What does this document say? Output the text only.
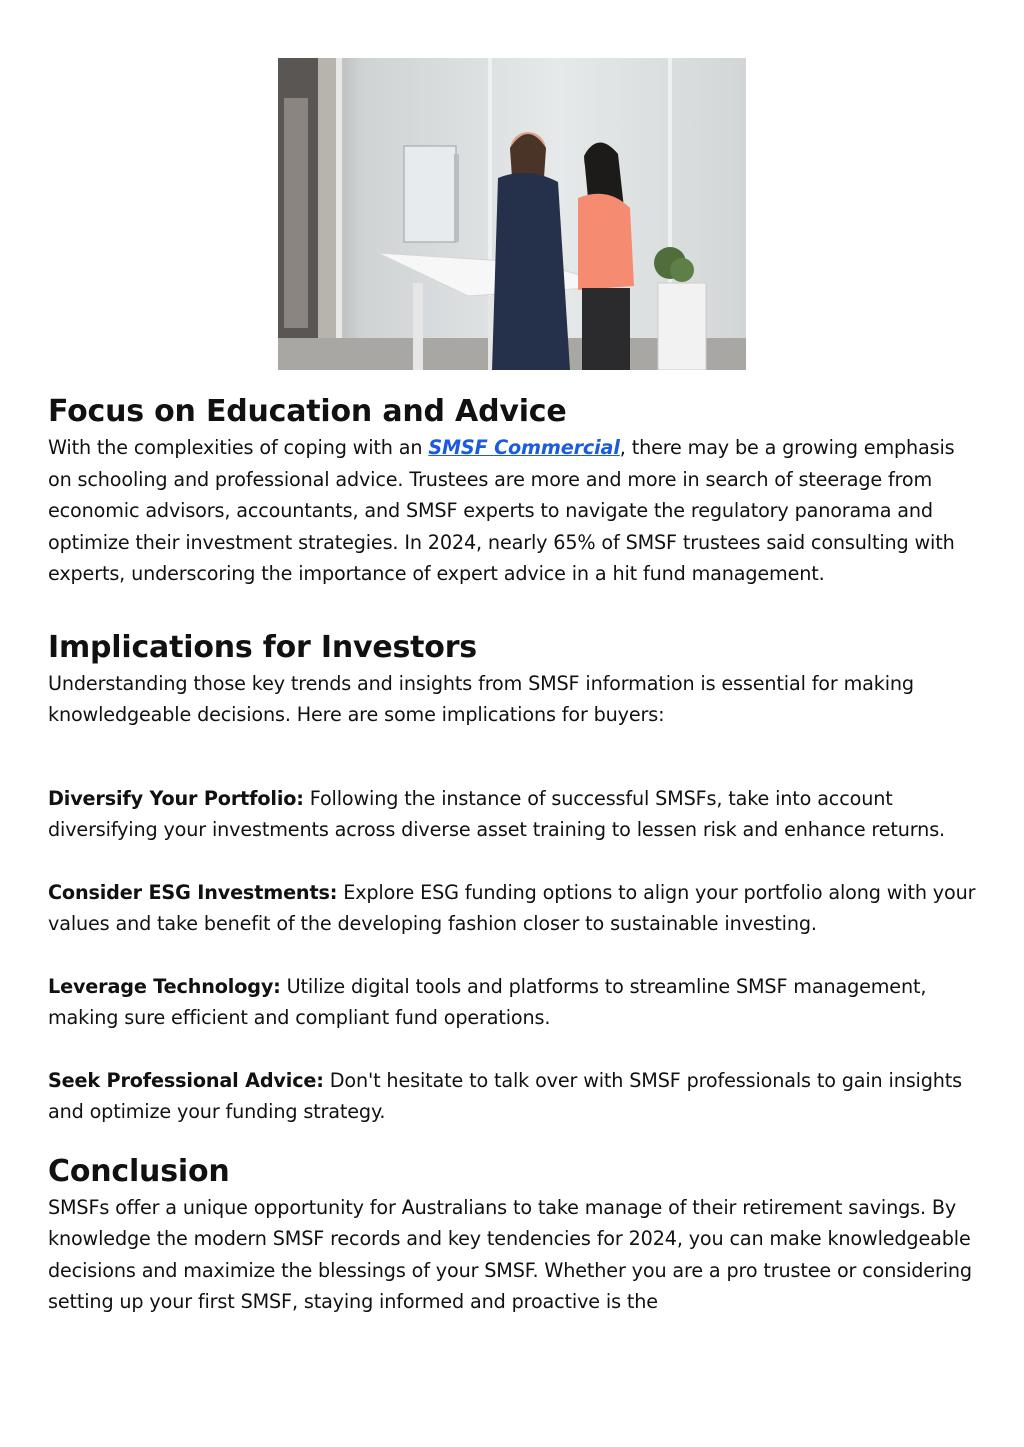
Focus on Education and Advice

With the complexities of coping with an SMSF Commercial, there may be a growing emphasis on schooling and professional advice. Trustees are more and more in search of steerage from economic advisors, accountants, and SMSF experts to navigate the regulatory panorama and optimize their investment strategies. In 2024, nearly 65% of SMSF trustees said consulting with experts, underscoring the importance of expert advice in a hit fund management.

Implications for Investors

Understanding those key trends and insights from SMSF information is essential for making knowledgeable decisions. Here are some implications for buyers:

Diversify Your Portfolio: Following the instance of successful SMSFs, take into account diversifying your investments across diverse asset training to lessen risk and enhance returns.

Consider ESG Investments: Explore ESG funding options to align your portfolio along with your values and take benefit of the developing fashion closer to sustainable investing.

Leverage Technology: Utilize digital tools and platforms to streamline SMSF management, making sure efficient and compliant fund operations.

Seek Professional Advice: Don't hesitate to talk over with SMSF professionals to gain insights and optimize your funding strategy.

Conclusion

SMSFs offer a unique opportunity for Australians to take manage of their retirement savings. By knowledge the modern SMSF records and key tendencies for 2024, you can make knowledgeable decisions and maximize the blessings of your SMSF. Whether you are a pro trustee or considering setting up your first SMSF, staying informed and proactive is the
